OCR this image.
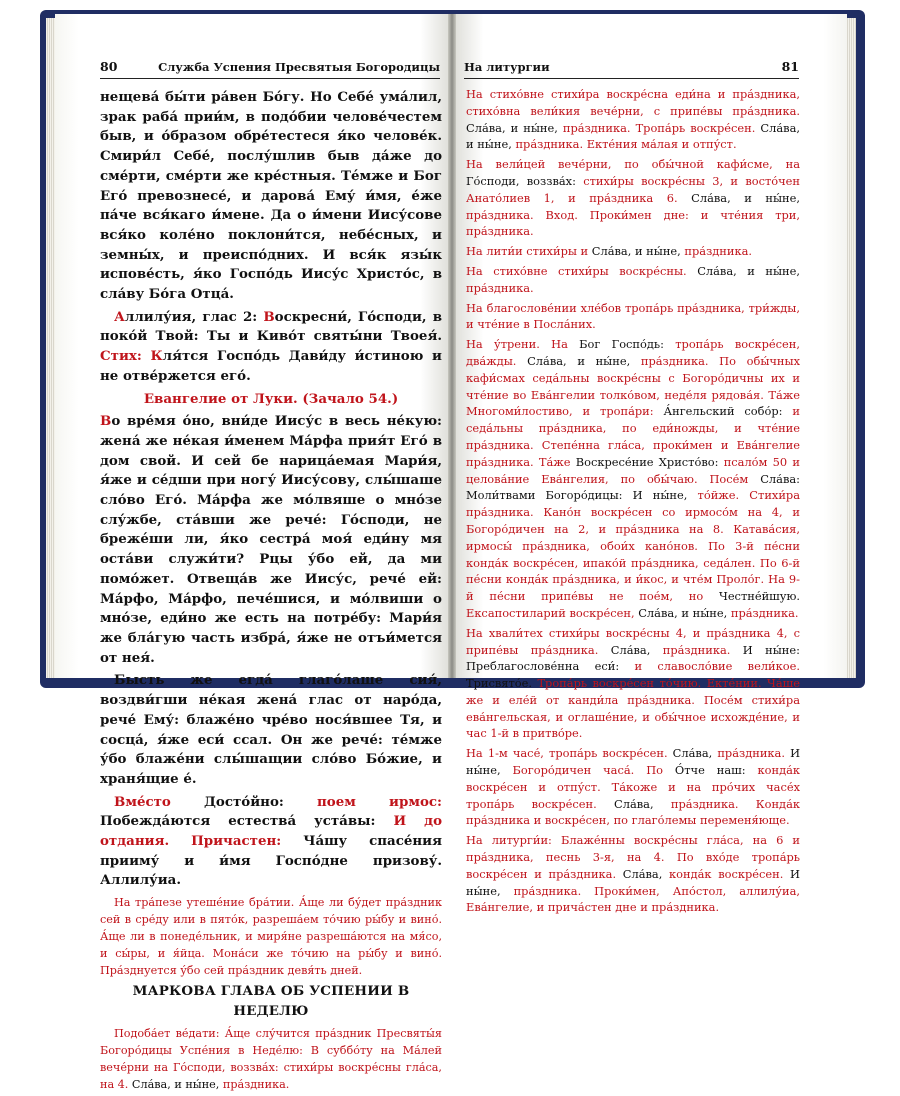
80	Служба Успения Пресвятыя Богородицы

нещева́ бы́ти ра́вен Бо́гу. Но Себе́ ума́лил, зрак раба́ прии́м, в подо́бии челове́честем быв, и о́бразом обре́тестеся я́ко челове́к. Смири́л Себе́, послу́шлив быв да́же до сме́рти, сме́рти же кре́стныя. Тéмже и Бог Его́ превознесе́, и дарова́ Ему́ и́мя, е́же па́че вся́каго и́мене. Да о и́мени Иису́сове вся́ко коле́но поклони́тся, небе́сных, и земны́х, и преиспо́дних. И вся́к язы́к испове́сть, я́ко Госпо́дь Иису́с Христо́с, в сла́ву Бо́га Отца́.

Аллилу́ия, глас 2: Воскресни́, Го́споди, в поко́й Твой: Ты и Киво́т святы́ни Твоея́. Стих: Кля́тся Госпо́дь Дави́ду и́стиною и не отве́ржется его́.

Евангелие от Луки. (Зачало 54.)

Во вре́мя о́но, вни́де Иису́с в весь не́кую: жена́ же не́кая и́менем Ма́рфа прия́т Его́ в дом свой. И сей бе нарица́емая Мари́я, я́же и се́дши при ногу́ Иису́сову, слы́шаше сло́во Его́. Ма́рфа же мо́лвяше о мно́зе слу́жбе, ста́вши же рече́: Го́споди, не брежéши ли, я́ко сестра́ моя́ еди́ну мя оста́ви служи́ти? Рцы у́бо ей, да ми помо́жет. Отвеща́в же Иису́с, рече́ ей: Ма́рфо, Ма́рфо, пече́шися, и мо́лвиши о мно́зе, еди́но же есть на потре́бу: Мари́я же бла́гую часть избра́, я́же не отъи́мется от нея́.

Бысть же егда́ глаго́лаше сия́, воздви́гши не́кая жена́ глас от наро́да, рече́ Ему́: блаже́но чре́во нося́вшее Тя, и сосца́, я́же еси́ ссал. Он же рече́: те́мже у́бо блаже́ни слы́шащии сло́во Бо́жие, и храня́щие е́.

Вме́сто Досто́йно: поем ирмос: Побежда́ются естества́ уста́вы: И до отдания. Причастен: Ча́шу спасе́ния прииму́ и и́мя Госпо́дне призову́. Аллилу́иа.

На тра́пезе утеше́ние бра́тии. А́ще ли бу́дет пра́здник сей в сре́ду или в пято́к, разреша́ем то́чию ры́бу и вино́. А́ще ли в понеде́льник, и миря́не разреша́ются на мя́со, и сы́ры, и я́йца. Мона́си же то́чию на ры́бу и вино́. Пра́зднуется у́бо сей пра́здник девя́ть дней.

МАРКОВА ГЛАВА ОБ УСПЕНИИ В НЕДЕЛЮ

Подоба́ет ве́дати: А́ще слу́чится пра́здник Пресвяты́я Богоро́дицы Успе́ния в Неде́лю: В суббо́ту на Ма́лей вече́рни на Го́споди, воззва́х: стихи́ры воскре́сны гла́са, на 4. Сла́ва, и ны́не, пра́здника.

На литургии	81

На стихо́вне стихи́ра воскре́сна еди́на и пра́здника, стихо́вна вели́кия вече́рни, с припе́вы пра́здника. Сла́ва, и ны́не, пра́здника. Тропа́рь воскре́сен. Сла́ва, и ны́не, пра́здника. Екте́ния ма́лая и отпу́ст.

На вели́цей вече́рни, по обы́чной кафи́сме, на Го́споди, воззва́х: стихи́ры воскре́сны 3, и восто́чен Анато́лиев 1, и пра́здника 6. Сла́ва, и ны́не, пра́здника. Вход. Проки́мен дне: и чте́ния три, пра́здника.

На лити́и стихи́ры и Сла́ва, и ны́не, пра́здника.

На стихо́вне стихи́ры воскре́сны. Сла́ва, и ны́не, пра́здника.

На благослове́нии хле́бов тропа́рь пра́здника, три́жды, и чте́ние в Посла́них.

На у́трени. На Бог Госпо́дь: тропа́рь воскре́сен, два́жды. Сла́ва, и ны́не, пра́здника. По обы́чных кафи́смах седа́льны воскре́сны с Богоро́дичны их и чте́ние во Ева́нгелии толко́вом, неде́ля рядова́я. Та́же Многоми́лостиво, и тропа́ри: А́нгельский собо́р: и седа́льны пра́здника, по еди́ножды, и чте́ние пра́здника. Степе́нна гла́са, проки́мен и Ева́нгелие пра́здника. Та́же Воскресе́ние Христо́во: псало́м 50 и целова́ние Ева́нгелия, по обы́чаю. Посе́м Сла́ва: Моли́твами Богоро́дицы: И ны́не, то́йже. Стихи́ра пра́здника. Кано́н воскре́сен со ирмосо́м на 4, и Богоро́дичен на 2, и пра́здника на 8. Катава́сия, ирмосы́ пра́здника, обои́х кано́нов. По 3-й пе́сни конда́к воскре́сен, ипако́й пра́здника, седа́лен. По 6-й пе́сни конда́к пра́здника, и и́кос, и чте́м Проло́г. На 9-й пе́сни припе́вы не пое́м, но Честне́йшую. Ексапостиларий воскре́сен, Сла́ва, и ны́не, пра́здника.

На хвали́тех стихи́ры воскре́сны 4, и пра́здника 4, с припе́вы пра́здника. Сла́ва, пра́здника. И ны́не: Преблагослове́нна еси́: и славосло́вие вели́кое. Трисвято́е. Тропа́рь воскре́сен то́чию. Екте́нии. Ча́ше же и еле́й от канди́ла пра́здника. Посе́м стихи́ра ева́нгельская, и оглаше́ние, и обы́чное исхожде́ние, и час 1-й в притво́ре.

На 1-м часе́, тропа́рь воскре́сен. Сла́ва, пра́здника. И ны́не, Богоро́дичен часа́. По О́тче наш: конда́к воскре́сен и отпу́ст. Та́коже и на про́чих часе́х тропа́рь воскре́сен. Сла́ва, пра́здника. Конда́к пра́здника и воскре́сен, по глаго́лемы переменя́юще.

На литурги́и: Блаже́нны воскре́сны гла́са, на 6 и пра́здника, песнь 3-я, на 4. По вхо́де тропа́рь воскре́сен и пра́здника. Сла́ва, конда́к воскре́сен. И ны́не, пра́здника. Проки́мен, Апо́стол, аллилу́иа, Ева́нгелие, и прича́стен дне и пра́здника.
